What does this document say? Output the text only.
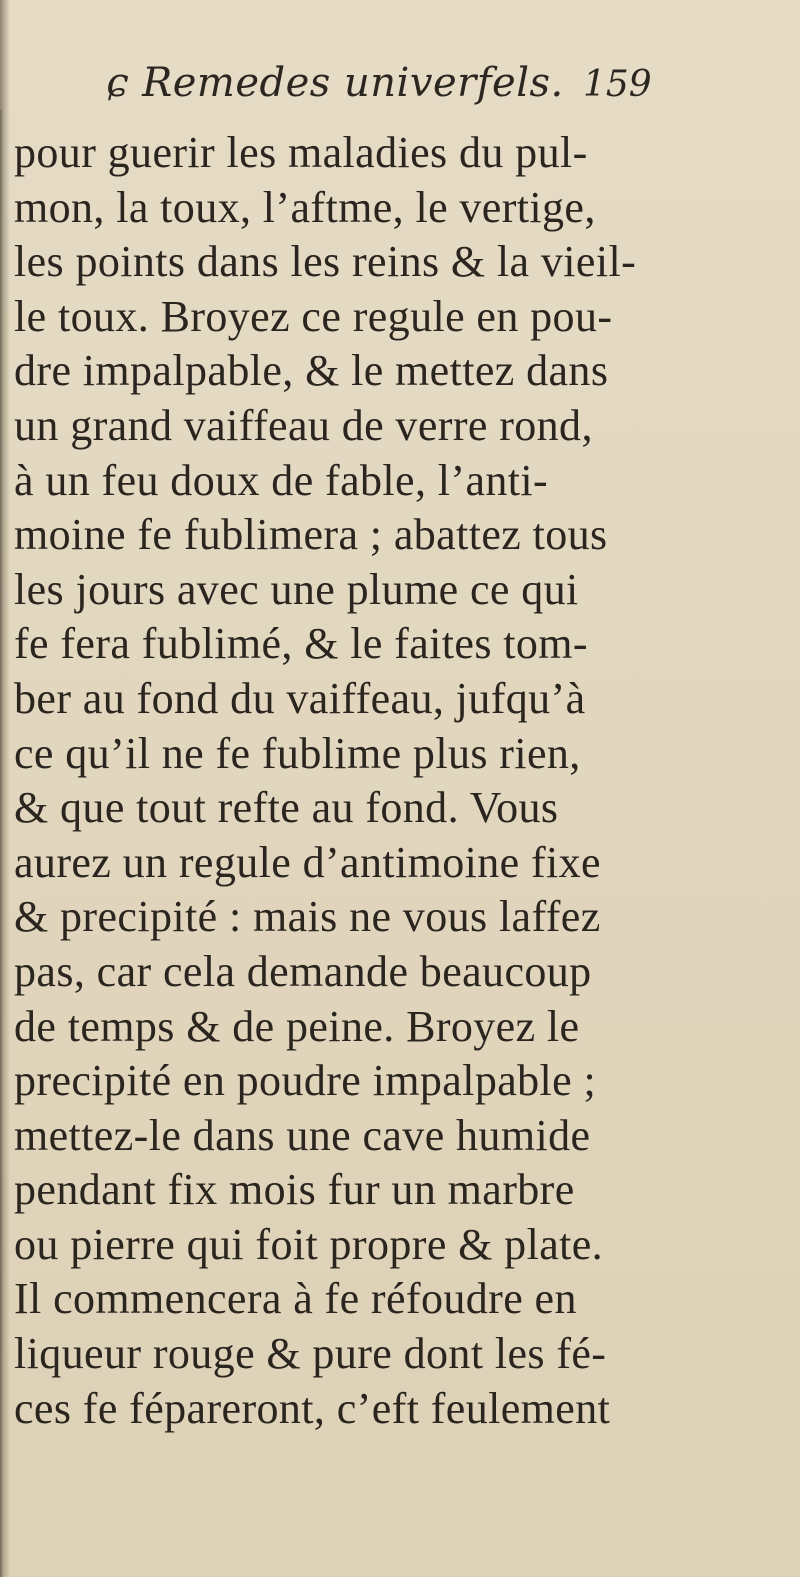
ɕ Remedes univerfels. 159
pour guerir les maladies du pul-
mon, la toux, l’aftme, le vertige,
les points dans les reins & la vieil-
le toux. Broyez ce regule en pou-
dre impalpable, & le mettez dans
un grand vaiffeau de verre rond,
à un feu doux de fable, l’anti-
moine fe fublimera ; abattez tous
les jours avec une plume ce qui
fe fera fublimé, & le faites tom-
ber au fond du vaiffeau, jufqu’à
ce qu’il ne fe fublime plus rien,
& que tout refte au fond. Vous
aurez un regule d’antimoine fixe
& precipité : mais ne vous laffez
pas, car cela demande beaucoup
de temps & de peine. Broyez le
precipité en poudre impalpable ;
mettez-le dans une cave humide
pendant fix mois fur un marbre
ou pierre qui foit propre & plate.
Il commencera à fe réfoudre en
liqueur rouge & pure dont les fé-
ces fe fépareront, c’eft feulement
